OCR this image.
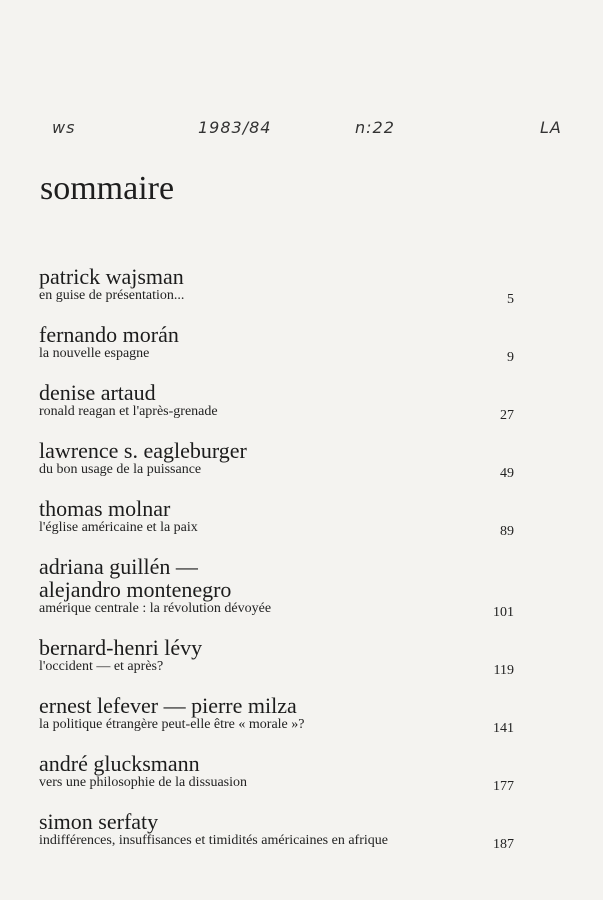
ws	1983/84	n:22	LA
sommaire
patrick wajsman
en guise de présentation...	5
fernando morán
la nouvelle espagne	9
denise artaud
ronald reagan et l'après-grenade	27
lawrence s. eagleburger
du bon usage de la puissance	49
thomas molnar
l'église américaine et la paix	89
adriana guillén —
alejandro montenegro
amérique centrale : la révolution dévoyée	101
bernard-henri lévy
l'occident — et après?	119
ernest lefever — pierre milza
la politique étrangère peut-elle être « morale »?	141
andré glucksmann
vers une philosophie de la dissuasion	177
simon serfaty
indifférences, insuffisances et timidités américaines en afrique	187
